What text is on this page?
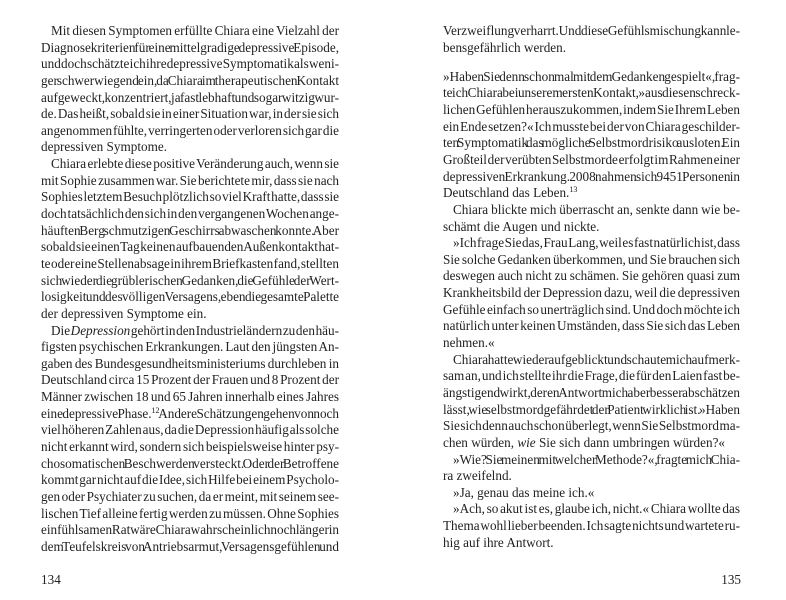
Mit diesen Symptomen erfüllte Chiara eine Vielzahl der
Diagnosekriterien für eine mittelgradige depressive Episode,
und doch schätzte ich ihre depressive Symptomatik als weni-
ger schwerwiegend ein, da Chiara im therapeutischen Kontakt
aufgeweckt, konzentriert, ja fast lebhaft und sogar witzig wur-
de. Das heißt, sobald sie in einer Situation war, in der sie sich
angenommen fühlte, verringerten oder verloren sich gar die
depressiven Symptome.
Chiara erlebte diese positive Veränderung auch, wenn sie
mit Sophie zusammen war. Sie berichtete mir, dass sie nach
Sophies letztem Besuch plötzlich so viel Kraft hatte, dass sie
doch tatsächlich den sich in den vergangenen Wochen ange-
häuften Berg schmutzigen Geschirrs abwaschen konnte. Aber
sobald sie einen Tag keinen aufbauenden Außenkontakt hat-
te oder eine Stellenabsage in ihrem Briefkasten fand, stellten
sich wieder die grüblerischen Gedanken, die Gefühle der Wert-
losigkeit und des völligen Versagens, eben die gesamte Palette
der depressiven Symptome ein.
Die Depression gehört in den Industrieländern zu den häu-
figsten psychischen Erkrankungen. Laut den jüngsten An-
gaben des Bundesgesundheitsministeriums durchleben in
Deutschland circa 15 Prozent der Frauen und 8 Prozent der
Männer zwischen 18 und 65 Jahren innerhalb eines Jahres
eine depressive Phase.$^{12}$ Andere Schätzungen gehen von noch
viel höheren Zahlen aus, da die Depression häufig als solche
nicht erkannt wird, sondern sich beispielsweise hinter psy-
chosomatischen Beschwerden versteckt. Oder der Betroffene
kommt gar nicht auf die Idee, sich Hilfe bei einem Psycholo-
gen oder Psychiater zu suchen, da er meint, mit seinem see-
lischen Tief alleine fertig werden zu müssen. Ohne Sophies
einfühlsamen Rat wäre Chiara wahrscheinlich noch länger in
dem Teufelskreis von Antriebsarmut, Versagensgefühlen und
Verzweiflung verharrt. Und diese Gefühlsmischung kann le-
bensgefährlich werden.
»Haben Sie denn schon mal mit dem Gedanken gespielt«, frag-
te ich Chiara bei unserem ersten Kontakt, »aus diesen schreck-
lichen Gefühlen herauszukommen, indem Sie Ihrem Leben
ein Ende setzen?« Ich musste bei der von Chiara geschilder-
ten Symptomatik das mögliche Selbstmordrisiko ausloten. Ein
Großteil der verübten Selbstmorde erfolgt im Rahmen einer
depressiven Erkrankung. 2008 nahmen sich 9451 Personen in
Deutschland das Leben.$^{13}$
Chiara blickte mich überrascht an, senkte dann wie be-
schämt die Augen und nickte.
»Ich frage Sie das, Frau Lang, weil es fast natürlich ist, dass
Sie solche Gedanken überkommen, und Sie brauchen sich
deswegen auch nicht zu schämen. Sie gehören quasi zum
Krankheitsbild der Depression dazu, weil die depressiven
Gefühle einfach so unerträglich sind. Und doch möchte ich
natürlich unter keinen Umständen, dass Sie sich das Leben
nehmen.«
Chiara hatte wieder aufgeblickt und schaute mich aufmerk-
sam an, und ich stellte ihr die Frage, die für den Laien fast be-
ängstigend wirkt, deren Antwort mich aber besser abschätzen
lässt, wie selbstmordgefährdet der Patient wirklich ist. »Haben
Sie sich denn auch schon überlegt, wenn Sie Selbstmord ma-
chen würden, wie Sie sich dann umbringen würden?«
»Wie? Sie meinen mit welcher Methode?«, fragte mich Chia-
ra zweifelnd.
»Ja, genau das meine ich.«
»Ach, so akut ist es, glaube ich, nicht.« Chiara wollte das
Thema wohl lieber beenden. Ich sagte nichts und wartete ru-
hig auf ihre Antwort.
134	135
